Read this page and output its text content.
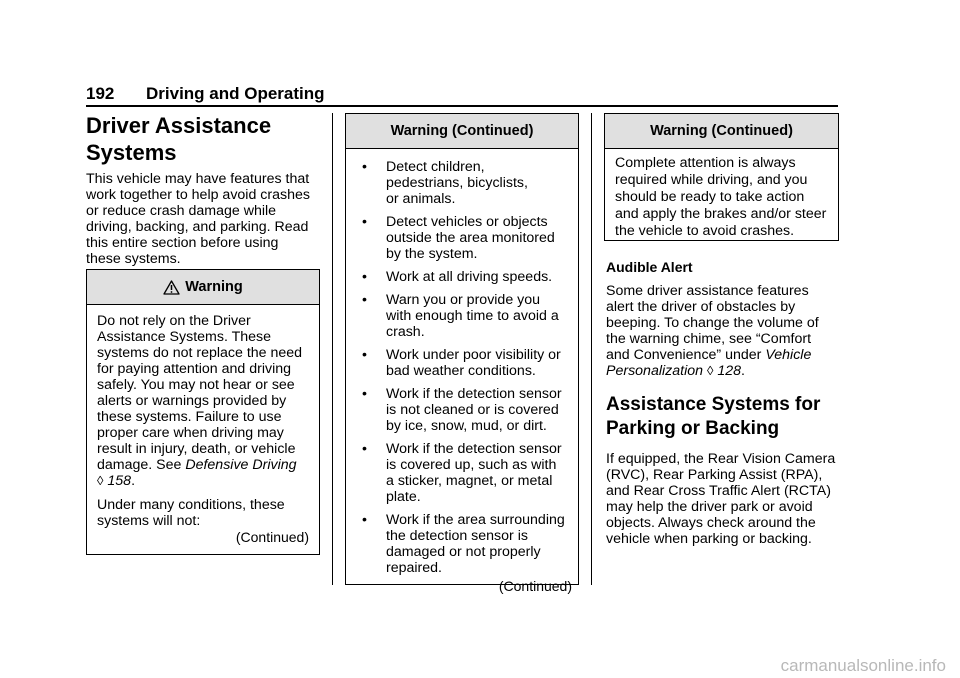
192 Driving and Operating
Driver Assistance
Systems

This vehicle may have features that
work together to help avoid crashes
or reduce crash damage while
driving, backing, and parking. Read
this entire section before using
these systems.

Warning

Do not rely on the Driver
Assistance Systems. These
systems do not replace the need
for paying attention and driving
safely. You may not hear or see
alerts or warnings provided by
these systems. Failure to use
proper care when driving may
result in injury, death, or vehicle
damage. See Defensive Driving
◊ 158.

Under many conditions, these
systems will not:

(Continued)

Warning (Continued)
• Detect children,
pedestrians, bicyclists,
or animals.
• Detect vehicles or objects
outside the area monitored
by the system.
• Work at all driving speeds.
• Warn you or provide you
with enough time to avoid a
crash.
• Work under poor visibility or
bad weather conditions.
• Work if the detection sensor
is not cleaned or is covered
by ice, snow, mud, or dirt.
• Work if the detection sensor
is covered up, such as with
a sticker, magnet, or metal
plate.
• Work if the area surrounding
the detection sensor is
damaged or not properly
repaired.

(Continued)

Warning (Continued)
Complete attention is always
required while driving, and you
should be ready to take action
and apply the brakes and/or steer
the vehicle to avoid crashes.

Audible Alert

Some driver assistance features
alert the driver of obstacles by
beeping. To change the volume of
the warning chime, see “Comfort
and Convenience” under Vehicle
Personalization ◊ 128.

Assistance Systems for
Parking or Backing

If equipped, the Rear Vision Camera
(RVC), Rear Parking Assist (RPA),
and Rear Cross Traffic Alert (RCTA)
may help the driver park or avoid
objects. Always check around the
vehicle when parking or backing.

carmanualsonline.info
